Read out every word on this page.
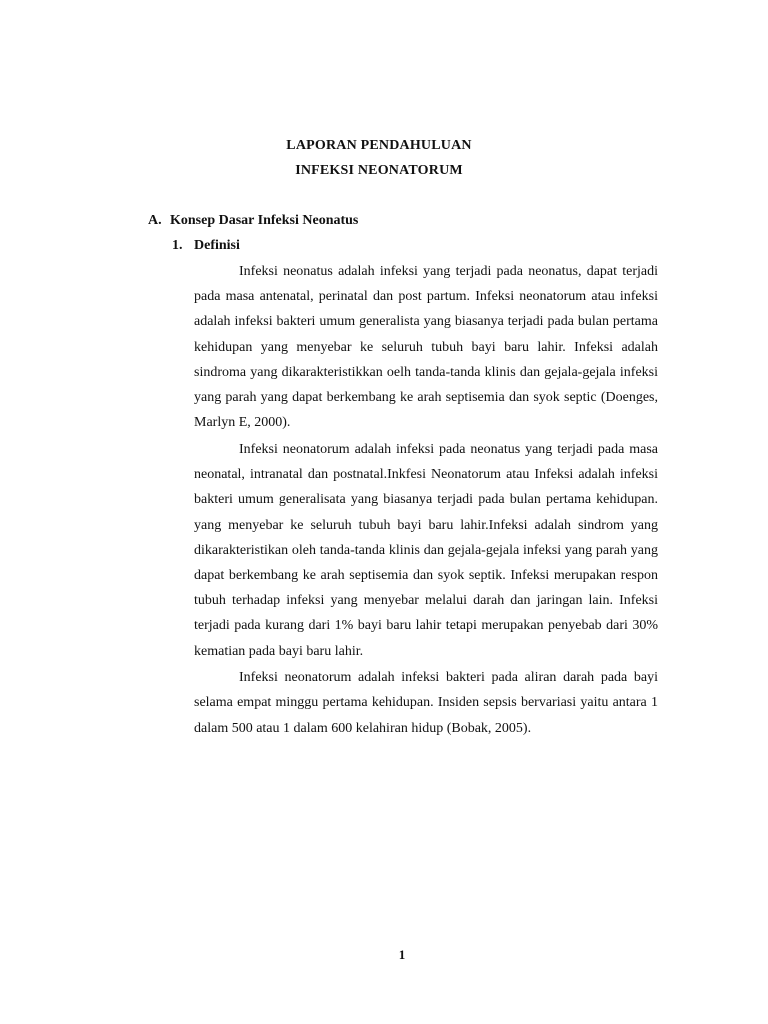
LAPORAN PENDAHULUAN
INFEKSI NEONATORUM
A. Konsep Dasar Infeksi Neonatus
1. Definisi

Infeksi neonatus adalah infeksi yang terjadi pada neonatus, dapat terjadi pada masa antenatal, perinatal dan post partum. Infeksi neonatorum atau infeksi adalah infeksi bakteri umum generalista yang biasanya terjadi pada bulan pertama kehidupan yang menyebar ke seluruh tubuh bayi baru lahir. Infeksi adalah sindroma yang dikarakteristikkan oelh tanda-tanda klinis dan gejala-gejala infeksi yang parah yang dapat berkembang ke arah septisemia dan syok septic (Doenges, Marlyn E, 2000).

Infeksi neonatorum adalah infeksi pada neonatus yang terjadi pada masa neonatal, intranatal dan postnatal.Inkfesi Neonatorum atau Infeksi adalah infeksi bakteri umum generalisata yang biasanya terjadi pada bulan pertama kehidupan. yang menyebar ke seluruh tubuh bayi baru lahir.Infeksi adalah sindrom yang dikarakteristikan oleh tanda-tanda klinis dan gejala-gejala infeksi yang parah yang dapat berkembang ke arah septisemia dan syok septik. Infeksi merupakan respon tubuh terhadap infeksi yang menyebar melalui darah dan jaringan lain. Infeksi terjadi pada kurang dari 1% bayi baru lahir tetapi merupakan penyebab dari 30% kematian pada bayi baru lahir.

Infeksi neonatorum adalah infeksi bakteri pada aliran darah pada bayi selama empat minggu pertama kehidupan. Insiden sepsis bervariasi yaitu antara 1 dalam 500 atau 1 dalam 600 kelahiran hidup (Bobak, 2005).

1
